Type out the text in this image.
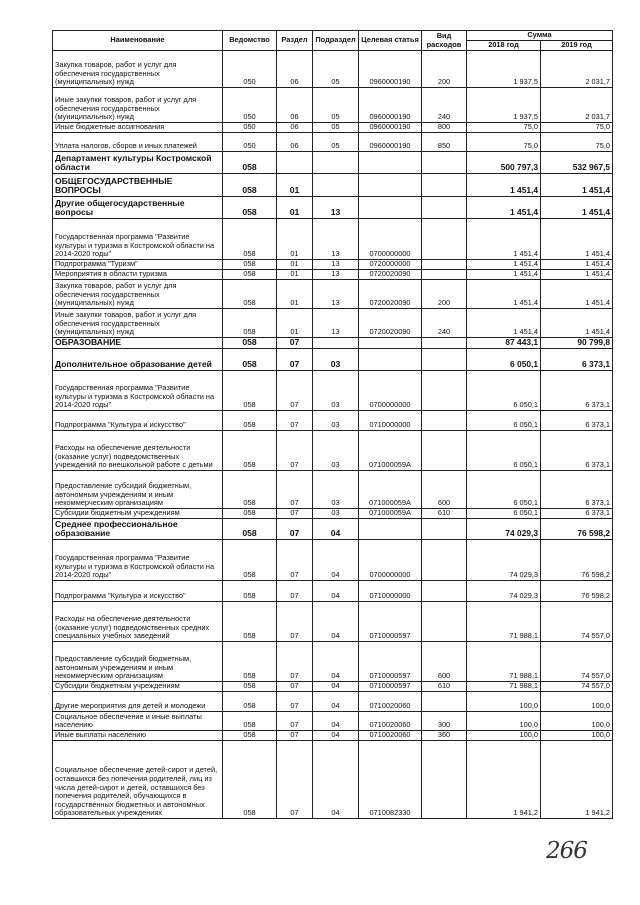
Наименование	Ведомство	Раздел	Подраздел	Целевая статья	Вид расходов	Сумма	
						2018 год	2019 год
Закупка товаров, работ и услуг для обеспечения государственных (муниципальных) нужд	050	06	05	0960000190	200	1 937,5	2 031,7
Иные закупки товаров, работ и услуг для обеспечения государственных (муниципальных) нужд	050	06	05	0960000190	240	1 937,5	2 031,7
Иные бюджетные ассигнования	050	06	05	0960000190	800	75,0	75,0
Уплата налогов, сборов и иных платежей	050	06	05	0960000190	850	75,0	75,0
Департамент культуры Костромской области	058					500 797,3	532 967,5
ОБЩЕГОСУДАРСТВЕННЫЕ ВОПРОСЫ	058	01				1 451,4	1 451,4
Другие общегосударственные вопросы	058	01	13			1 451,4	1 451,4
Государственная программа "Развитие культуры и туризма в Костромской области на 2014-2020 годы"	058	01	13	0700000000		1 451,4	1 451,4
Подпрограмма "Туризм"	058	01	13	0720000000		1 451,4	1 451,4
Мероприятия в области туризма	058	01	13	0720020090		1 451,4	1 451,4
Закупка товаров, работ и услуг для обеспечения государственных (муниципальных) нужд	058	01	13	0720020090	200	1 451,4	1 451,4
Иные закупки товаров, работ и услуг для обеспечения государственных (муниципальных) нужд	058	01	13	0720020090	240	1 451,4	1 451,4
ОБРАЗОВАНИЕ	058	07				87 443,1	90 799,8
Дополнительное образование детей	058	07	03			6 050,1	6 373,1
Государственная программа "Развитие культуры и туризма в Костромской области на 2014-2020 годы"	058	07	03	0700000000		6 050,1	6 373,1
Подпрограмма "Культура и искусство"	058	07	03	0710000000		6 050,1	6 373,1
Расходы на обеспечение деятельности (оказание услуг) подведомственных учреждений по внешкольной работе с детьми	058	07	03	071000059А		6 050,1	6 373,1
Предоставление субсидий бюджетным, автономным учреждениям и иным некоммерческим организациям	058	07	03	071000059А	600	6 050,1	6 373,1
Субсидии бюджетным учреждениям	058	07	03	071000059А	610	6 050,1	6 373,1
Среднее профессиональное образование	058	07	04			74 029,3	76 598,2
Государственная программа "Развитие культуры и туризма в Костромской области на 2014-2020 годы"	058	07	04	0700000000		74 029,3	76 598,2
Подпрограмма "Культура и искусство"	058	07	04	0710000000		74 029,3	76 598,2
Расходы на обеспечение деятельности (оказание услуг) подведомственных средних специальных учебных заведений	058	07	04	0710000597		71 988,1	74 557,0
Предоставление субсидий бюджетным, автономным учреждениям и иным некоммерческим организациям	058	07	04	0710000597	600	71 988,1	74 557,0
Субсидии бюджетным учреждениям	058	07	04	0710000597	610	71 988,1	74 557,0
Другие мероприятия для детей и молодежи	058	07	04	0710020060		100,0	100,0
Социальное обеспечение и иные выплаты населению	058	07	04	0710020060	300	100,0	100,0
Иные выплаты населению	058	07	04	0710020060	360	100,0	100,0
Социальное обеспечение детей-сирот и детей, оставшихся без попечения родителей, лиц из числа детей-сирот и детей, оставшихся без попечения родителей, обучающихся в государственных бюджетных и автономных образовательных учреждениях	058	07	04	0710082330		1 941,2	1 941,2
266
